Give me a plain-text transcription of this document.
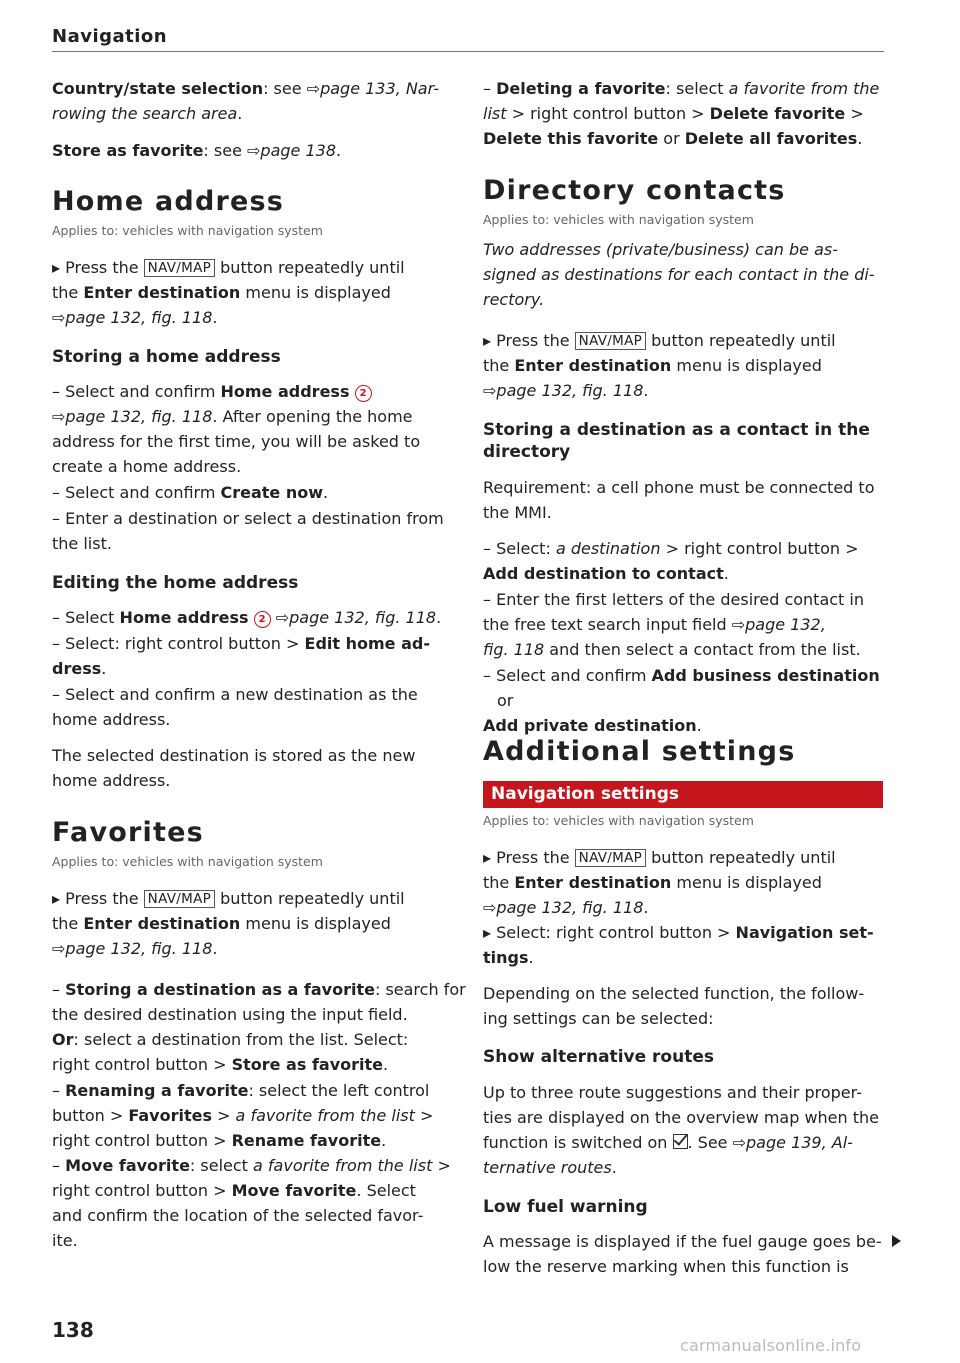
Navigation
Country/state selection: see ⇨page 133, Nar-
rowing the search area.
Store as favorite: see ⇨page 138.
Home address
Applies to: vehicles with navigation system
▸ Press the NAV/MAP button repeatedly until
the Enter destination menu is displayed
⇨page 132, fig. 118.
Storing a home address
– Select and confirm Home address 2
⇨page 132, fig. 118. After opening the home
address for the first time, you will be asked to
create a home address.
– Select and confirm Create now.
– Enter a destination or select a destination from
the list.
Editing the home address
– Select Home address 2 ⇨page 132, fig. 118.
– Select: right control button > Edit home ad-
dress.
– Select and confirm a new destination as the
home address.
The selected destination is stored as the new
home address.
Favorites
Applies to: vehicles with navigation system
▸ Press the NAV/MAP button repeatedly until
the Enter destination menu is displayed
⇨page 132, fig. 118.
– Storing a destination as a favorite: search for
the desired destination using the input field.
Or: select a destination from the list. Select:
right control button > Store as favorite.
– Renaming a favorite: select the left control
button > Favorites > a favorite from the list >
right control button > Rename favorite.
– Move favorite: select a favorite from the list >
right control button > Move favorite. Select
and confirm the location of the selected favor-
ite.
– Deleting a favorite: select a favorite from the
list > right control button > Delete favorite >
Delete this favorite or Delete all favorites.
Directory contacts
Applies to: vehicles with navigation system
Two addresses (private/business) can be as-
signed as destinations for each contact in the di-
rectory.
▸ Press the NAV/MAP button repeatedly until
the Enter destination menu is displayed
⇨page 132, fig. 118.
Storing a destination as a contact in the
directory
Requirement: a cell phone must be connected to
the MMI.
– Select: a destination > right control button >
Add destination to contact.
– Enter the first letters of the desired contact in
the free text search input field ⇨page 132,
fig. 118 and then select a contact from the list.
– Select and confirm Add business destination or
Add private destination.
Additional settings
Navigation settings
Applies to: vehicles with navigation system
▸ Press the NAV/MAP button repeatedly until
the Enter destination menu is displayed
⇨page 132, fig. 118.
▸ Select: right control button > Navigation set-
tings.
Depending on the selected function, the follow-
ing settings can be selected:
Show alternative routes
Up to three route suggestions and their proper-
ties are displayed on the overview map when the
function is switched on . See ⇨page 139, Al-
ternative routes.
Low fuel warning
A message is displayed if the fuel gauge goes be-
low the reserve marking when this function is
138
carmanualsonline.info
